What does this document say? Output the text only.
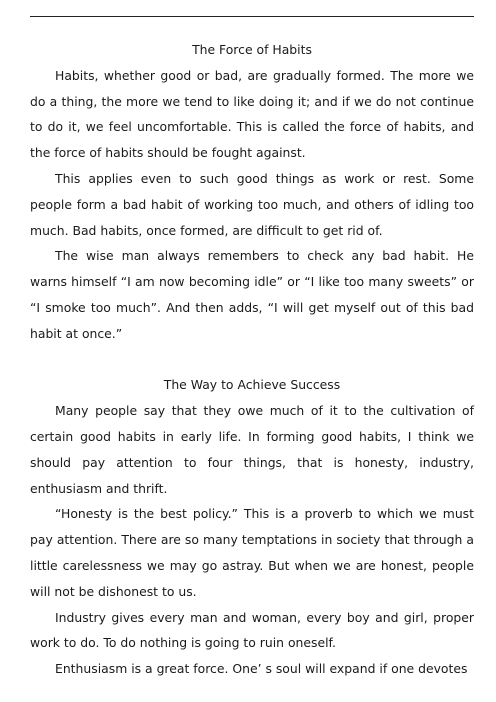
The Force of Habits

Habits, whether good or bad, are gradually formed. The more we do a thing, the more we tend to like doing it; and if we do not continue to do it, we feel uncomfortable. This is called the force of habits, and the force of habits should be fought against.

This applies even to such good things as work or rest. Some people form a bad habit of working too much, and others of idling too much. Bad habits, once formed, are difficult to get rid of.

The wise man always remembers to check any bad habit. He warns himself “I am now becoming idle” or “I like too many sweets” or “I smoke too much”. And then adds, “I will get myself out of this bad habit at once.”

The Way to Achieve Success

Many people say that they owe much of it to the cultivation of certain good habits in early life. In forming good habits, I think we should pay attention to four things, that is honesty, industry, enthusiasm and thrift.

“Honesty is the best policy.” This is a proverb to which we must pay attention. There are so many temptations in society that through a little carelessness we may go astray. But when we are honest, people will not be dishonest to us.

Industry gives every man and woman, every boy and girl, proper work to do. To do nothing is going to ruin oneself.

Enthusiasm is a great force. One’ s soul will expand if one devotes
